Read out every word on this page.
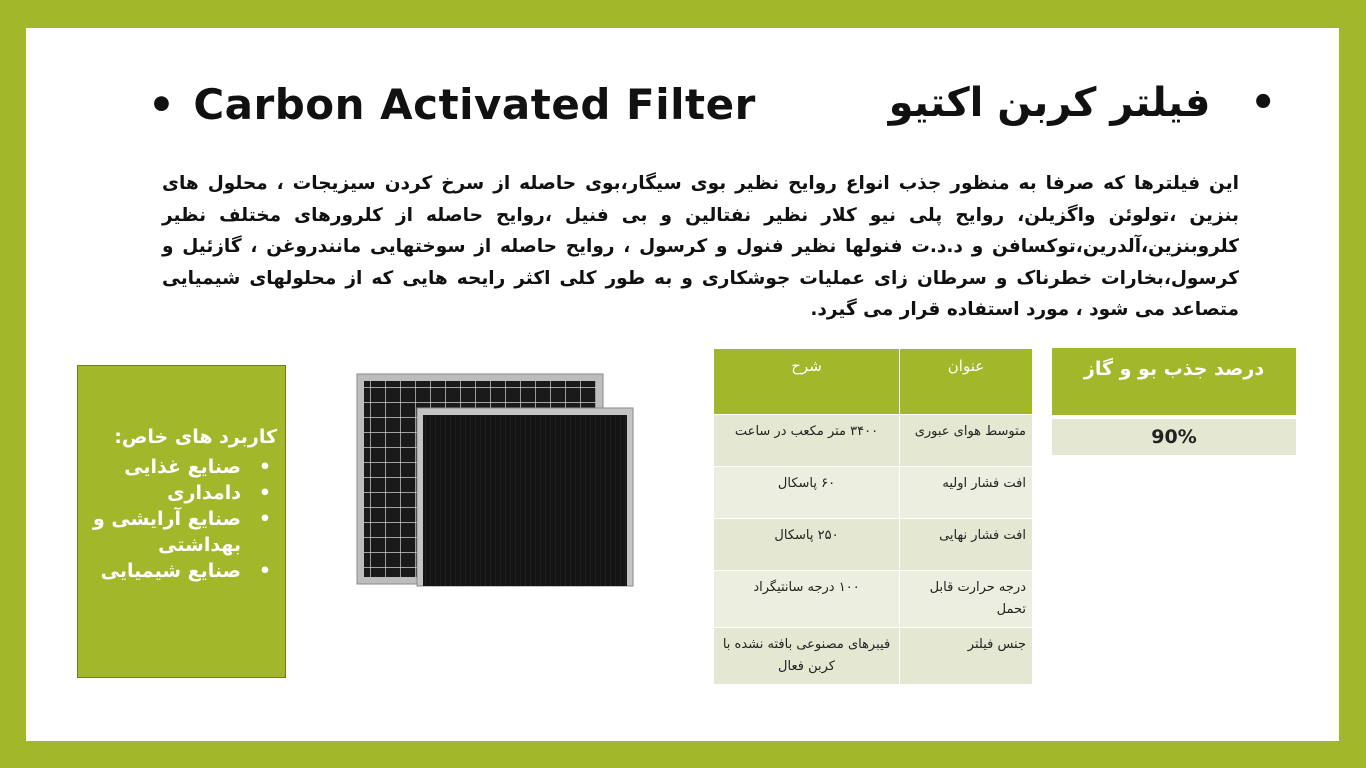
• Carbon Activated Filter	•فیلتر کربن اکتیو

این فیلترها که صرفا به منظور جذب انواع روایح نظیر بوی سیگار،بوی حاصله از سرخ کردن سیزیجات ، محلول های بنزین ،تولوئن واگزیلن، روایح پلی نیو کلار نظیر نفتالین و بی فنیل ،روایح حاصله از کلرورهای مختلف نظیر کلروبنزین،آلدرین،توکسافن و د.د.ت فنولها نظیر فنول و کرسول ، روایح حاصله از سوختهایی مانندروغن ، گازئیل و کرسول،بخارات خطرناک و سرطان زای عملیات جوشکاری و به طور کلی اکثر رایحه هایی که از محلولهای شیمیایی متصاعد می شود ، مورد استفاده قرار می گیرد.

کاربرد های خاص:
• صنایع غذایی
• دامداری
• صنایع آرایشی و بهداشتی
• صنایع شیمیایی
عنوان	شرح
متوسط هوای عبوری	۳۴۰۰ متر مکعب در ساعت
افت فشار اولیه	۶۰ پاسکال
افت فشار نهایی	۲۵۰ پاسکال
درجه حرارت قابل تحمل	۱۰۰ درجه سانتیگراد
جنس فیلتر	فیبرهای مصنوعی بافته نشده با کربن فعال
درصد جذب بو و گاز
90%
